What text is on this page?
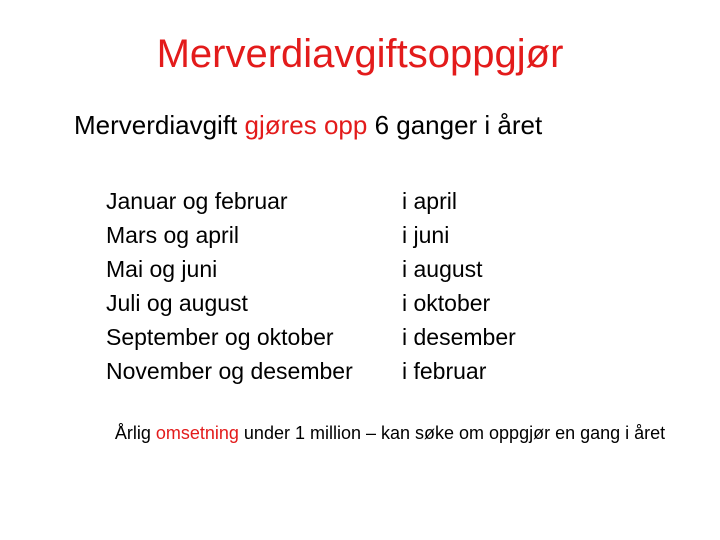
Merverdiavgiftsoppgjør
Merverdiavgift gjøres opp 6 ganger i året
Januar og februar
Mars og april
Mai og juni
Juli og august
September og oktober
November og desember
i april
i juni
i august
i oktober
i desember
i februar
Årlig omsetning under 1 million – kan søke om oppgjør en gang i året
